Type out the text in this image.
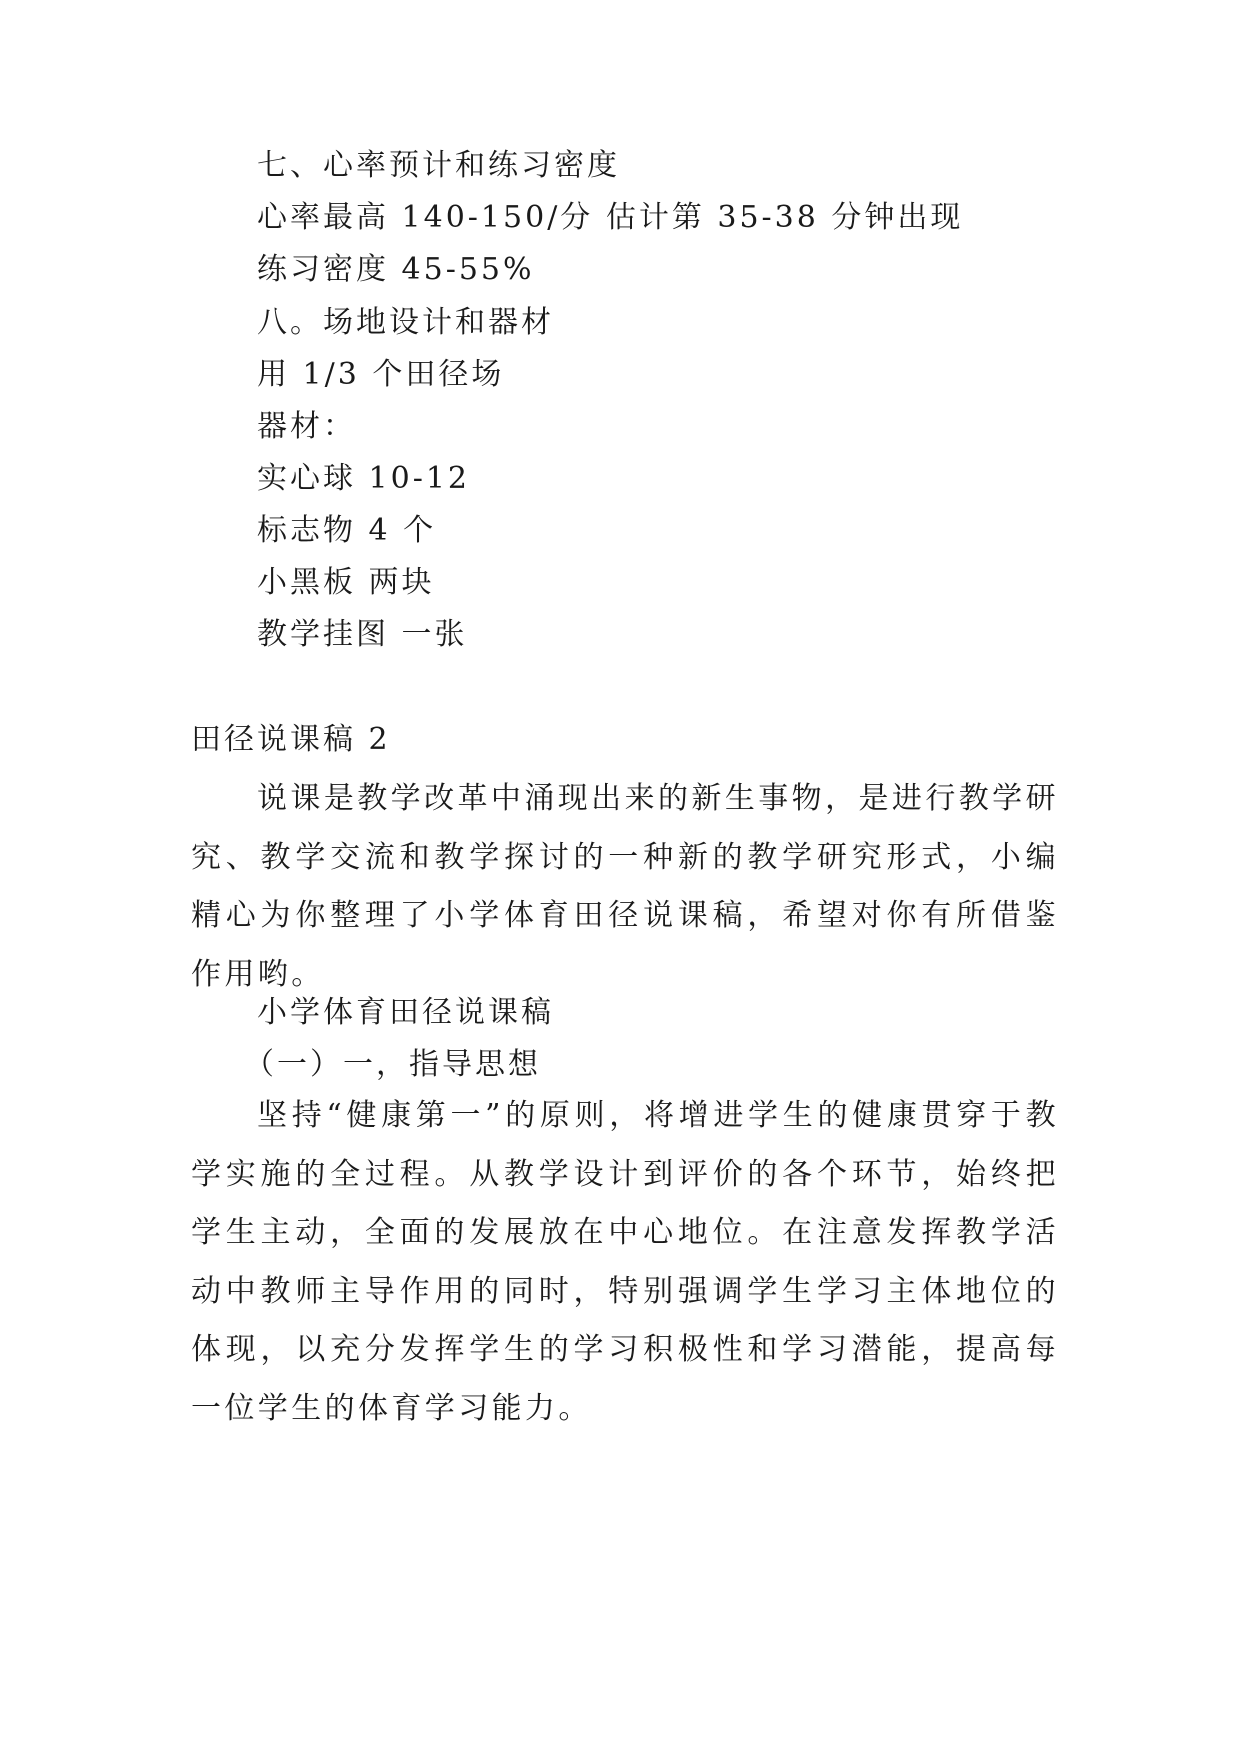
七、心率预计和练习密度
心率最高 140-150/分 估计第 35-38 分钟出现
练习密度 45-55%
八。场地设计和器材
用 1/3 个田径场
器材：
实心球 10-12
标志物 4 个
小黑板 两块
教学挂图 一张
田径说课稿 2
说课是教学改革中涌现出来的新生事物，是进行教学研究、教学交流和教学探讨的一种新的教学研究形式，小编精心为你整理了小学体育田径说课稿，希望对你有所借鉴作用哟。
小学体育田径说课稿
（一）一，指导思想
坚持“健康第一”的原则，将增进学生的健康贯穿于教学实施的全过程。从教学设计到评价的各个环节，始终把学生主动，全面的发展放在中心地位。在注意发挥教学活动中教师主导作用的同时，特别强调学生学习主体地位的体现，以充分发挥学生的学习积极性和学习潜能，提高每一位学生的体育学习能力。
